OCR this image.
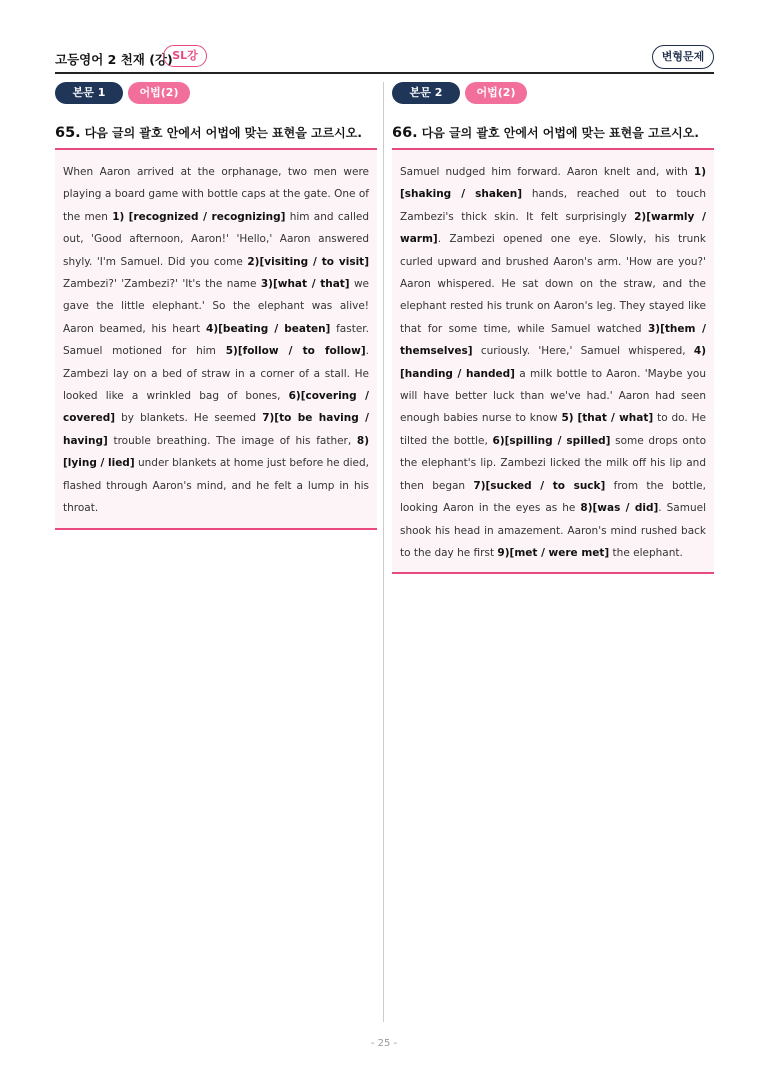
고등영어 2 천재 (강) SL강	변형문제
본문 1	어법(2)
65. 다음 글의 괄호 안에서 어법에 맞는 표현을 고르시오.

When Aaron arrived at the orphanage, two men were playing a board game with bottle caps at the gate. One of the men 1) [recognized / recognizing] him and called out, 'Good afternoon, Aaron!' 'Hello,' Aaron answered shyly. 'I'm Samuel. Did you come 2)[visiting / to visit] Zambezi?' 'Zambezi?' 'It's the name 3)[what / that] we gave the little elephant.' So the elephant was alive! Aaron beamed, his heart 4)[beating / beaten] faster. Samuel motioned for him 5)[follow / to follow]. Zambezi lay on a bed of straw in a corner of a stall. He looked like a wrinkled bag of bones, 6)[covering / covered] by blankets. He seemed 7)[to be having / having] trouble breathing. The image of his father, 8)[lying / lied] under blankets at home just before he died, flashed through Aaron's mind, and he felt a lump in his throat.

본문 2	어법(2)
66. 다음 글의 괄호 안에서 어법에 맞는 표현을 고르시오.

Samuel nudged him forward. Aaron knelt and, with 1)[shaking / shaken] hands, reached out to touch Zambezi's thick skin. It felt surprisingly 2)[warmly / warm]. Zambezi opened one eye. Slowly, his trunk curled upward and brushed Aaron's arm. 'How are you?' Aaron whispered. He sat down on the straw, and the elephant rested his trunk on Aaron's leg. They stayed like that for some time, while Samuel watched 3)[them / themselves] curiously. 'Here,' Samuel whispered, 4)[handing / handed] a milk bottle to Aaron. 'Maybe you will have better luck than we've had.' Aaron had seen enough babies nurse to know 5) [that / what] to do. He tilted the bottle, 6)[spilling / spilled] some drops onto the elephant's lip. Zambezi licked the milk off his lip and then began 7)[sucked / to suck] from the bottle, looking Aaron in the eyes as he 8)[was / did]. Samuel shook his head in amazement. Aaron's mind rushed back to the day he first 9)[met / were met] the elephant.

- 25 -
